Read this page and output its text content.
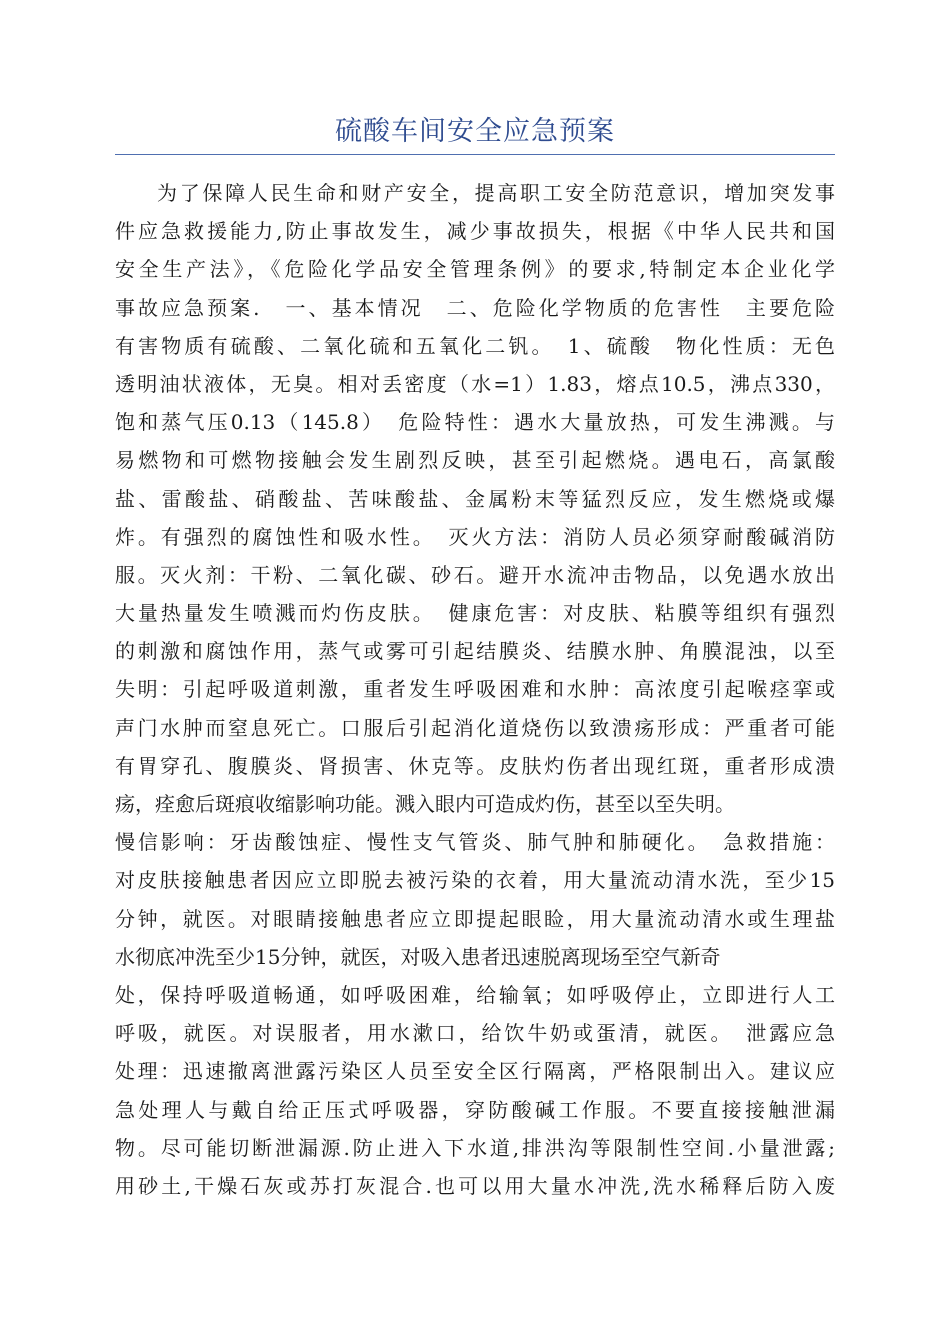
硫酸车间安全应急预案
为了保障人民生命和财产安全，提高职工安全防范意识，增加突发事
件应急救援能力,防止事故发生，减少事故损失，根据《中华人民共和国
安全生产法》，《危险化学品安全管理条例》的要求,特制定本企业化学
事故应急预案.　一、基本情况　二、危险化学物质的危害性　主要危险
有害物质有硫酸、二氧化硫和五氧化二钒。　1、硫酸　物化性质：无色
透明油状液体，无臭。相对丢密度（水=1）1.83，熔点10.5，沸点330，
饱和蒸气压0.13（145.8）　危险特性：遇水大量放热，可发生沸溅。与
易燃物和可燃物接触会发生剧烈反映，甚至引起燃烧。遇电石，高氯酸
盐、雷酸盐、硝酸盐、苦味酸盐、金属粉末等猛烈反应，发生燃烧或爆
炸。有强烈的腐蚀性和吸水性。　灭火方法：消防人员必须穿耐酸碱消防
服。灭火剂：干粉、二氧化碳、砂石。避开水流冲击物品，以免遇水放出
大量热量发生喷溅而灼伤皮肤。　健康危害：对皮肤、粘膜等组织有强烈
的刺激和腐蚀作用，蒸气或雾可引起结膜炎、结膜水肿、角膜混浊，以至
失明：引起呼吸道刺激，重者发生呼吸困难和水肿：高浓度引起喉痉挛或
声门水肿而窒息死亡。口服后引起消化道烧伤以致溃疡形成：严重者可能
有胃穿孔、腹膜炎、肾损害、休克等。皮肤灼伤者出现红斑，重者形成溃
疡，痊愈后斑痕收缩影响功能。溅入眼内可造成灼伤，甚至以至失明。
慢信影响：牙齿酸蚀症、慢性支气管炎、肺气肿和肺硬化。　急救措施：
对皮肤接触患者因应立即脱去被污染的衣着，用大量流动清水洗，至少15
分钟，就医。对眼睛接触患者应立即提起眼睑，用大量流动清水或生理盐
水彻底冲洗至少15分钟，就医，对吸入患者迅速脱离现场至空气新奇
处，保持呼吸道畅通，如呼吸困难，给输氧；如呼吸停止，立即进行人工
呼吸，就医。对误服者，用水漱口，给饮牛奶或蛋清，就医。　泄露应急
处理：迅速撤离泄露污染区人员至安全区行隔离，严格限制出入。建议应
急处理人与戴自给正压式呼吸器，穿防酸碱工作服。不要直接接触泄漏
物。尽可能切断泄漏源.防止进入下水道,排洪沟等限制性空间.小量泄露;
用砂土,干燥石灰或苏打灰混合.也可以用大量水冲洗,洗水稀释后防入废
